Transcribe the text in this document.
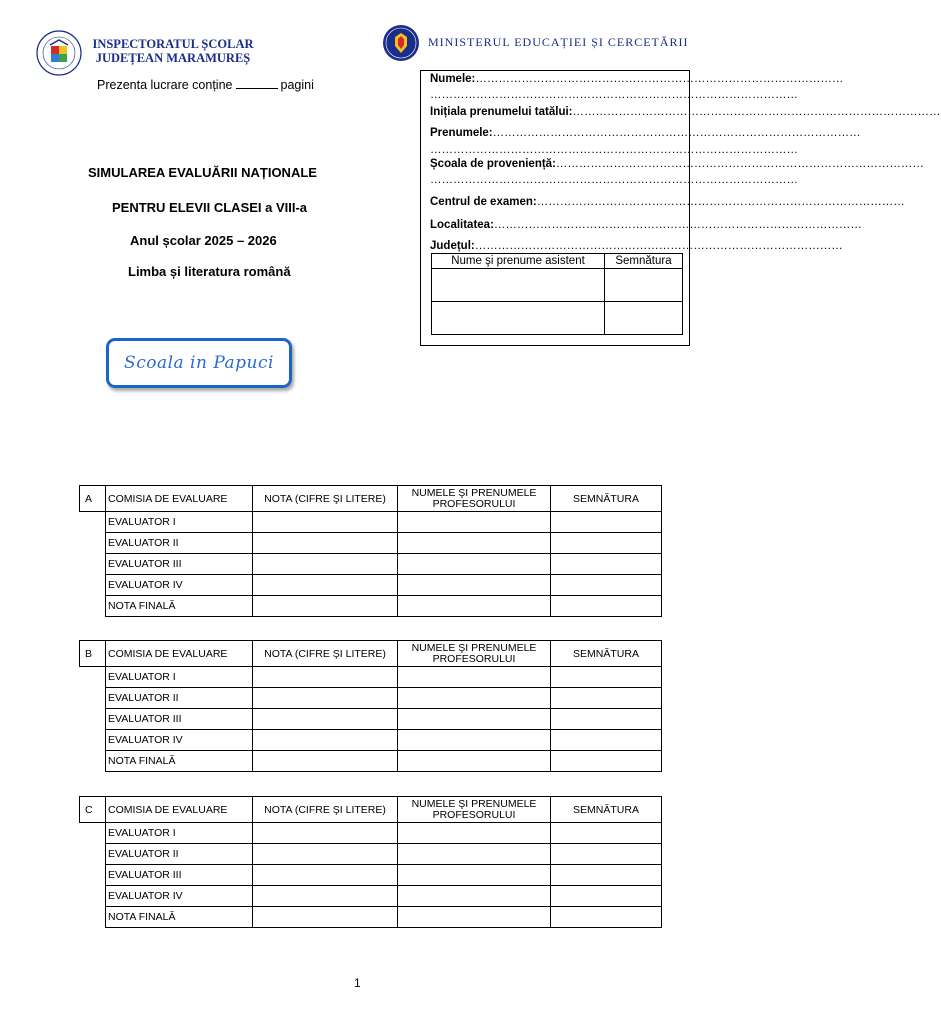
INSPECTORATUL ȘCOLAR
JUDEȚEAN MARAMUREȘ
MINISTERUL EDUCAȚIEI ȘI CERCETĂRII
Prezenta lucrare conține	pagini
SIMULAREA EVALUĂRII NAȚIONALE
PENTRU ELEVII CLASEI a VIII-a
Anul școlar 2025 – 2026
Limba și literatura română
Numele:……………………………………………………………………………………
……………………………………………………………………………………
Inițiala prenumelui tatălui:……………………………………………………………………………………
Prenumele:……………………………………………………………………………………
……………………………………………………………………………………
Școala de proveniență:……………………………………………………………………………………
……………………………………………………………………………………
Centrul de examen:……………………………………………………………………………………
Localitatea:……………………………………………………………………………………
Județul:……………………………………………………………………………………
Nume şi prenume asistent	Semnătura

Scoala in Papuci
A	COMISIA DE EVALUARE	NOTA (CIFRE ŞI LITERE)	NUMELE ŞI PRENUMELE PROFESORULUI	SEMNĂTURA
	EVALUATOR I			
	EVALUATOR II			
	EVALUATOR III			
	EVALUATOR IV			
	NOTA FINALĂ			
B	COMISIA DE EVALUARE	NOTA (CIFRE ŞI LITERE)	NUMELE ŞI PRENUMELE PROFESORULUI	SEMNĂTURA
	EVALUATOR I			
	EVALUATOR II			
	EVALUATOR III			
	EVALUATOR IV			
	NOTA FINALĂ			
C	COMISIA DE EVALUARE	NOTA (CIFRE ŞI LITERE)	NUMELE ŞI PRENUMELE PROFESORULUI	SEMNĂTURA
	EVALUATOR I			
	EVALUATOR II			
	EVALUATOR III			
	EVALUATOR IV			
	NOTA FINALĂ			
1
